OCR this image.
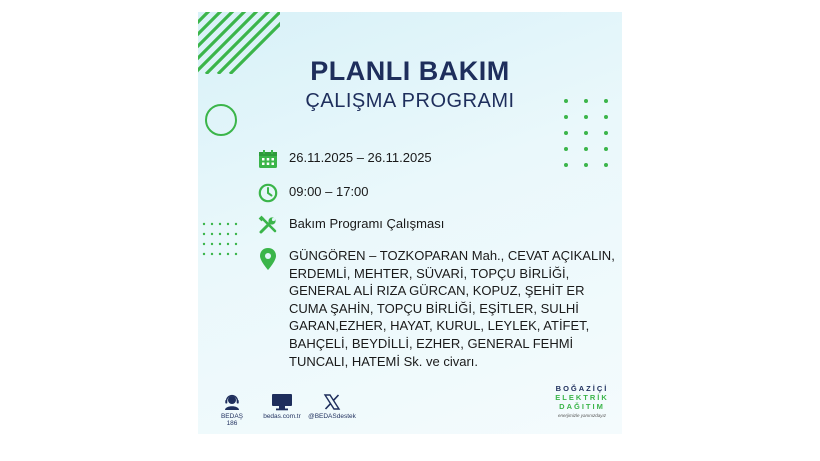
PLANLI BAKIM
ÇALIŞMA PROGRAMI
26.11.2025 – 26.11.2025
09:00 – 17:00
Bakım Programı Çalışması
GÜNGÖREN – TOZKOPARAN Mah., CEVAT AÇIKALIN, ERDEMLİ, MEHTER, SÜVARİ, TOPÇU BİRLİĞİ, GENERAL ALİ RIZA GÜRCAN, KOPUZ, ŞEHİT ER CUMA ŞAHİN, TOPÇU BİRLİĞİ, EŞİTLER, SULHİ GARAN,EZHER, HAYAT, KURUL, LEYLEK, ATİFET, BAHÇELİ, BEYDİLLİ, EZHER, GENERAL FEHMİ TUNCALI, HATEMİ Sk. ve civarı.
BEDAŞ 186
bedas.com.tr @BEDASdestek
BOĞAZİÇİ
ELEKTRİK
DAĞITIM
enerjimizle yanınızdayız
